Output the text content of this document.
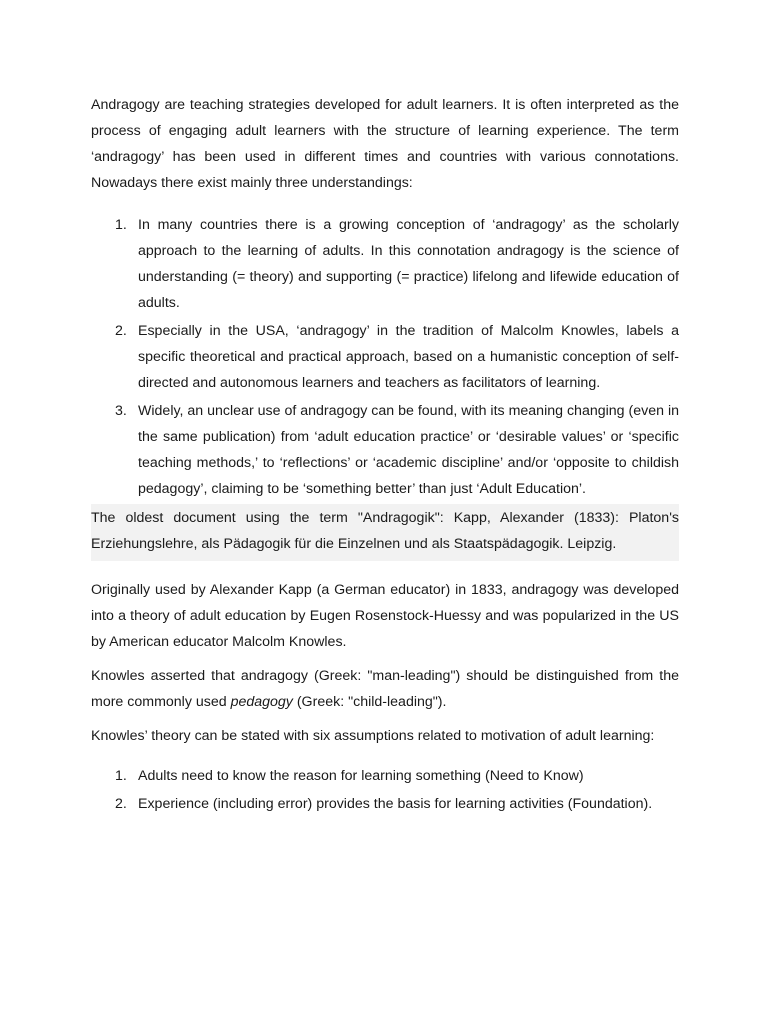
Andragogy are teaching strategies developed for adult learners. It is often interpreted as the process of engaging adult learners with the structure of learning experience. The term ‘andragogy’ has been used in different times and countries with various connotations. Nowadays there exist mainly three understandings:

1. In many countries there is a growing conception of ‘andragogy’ as the scholarly approach to the learning of adults. In this connotation andragogy is the science of understanding (= theory) and supporting (= practice) lifelong and lifewide education of adults.
2. Especially in the USA, ‘andragogy’ in the tradition of Malcolm Knowles, labels a specific theoretical and practical approach, based on a humanistic conception of self-directed and autonomous learners and teachers as facilitators of learning.
3. Widely, an unclear use of andragogy can be found, with its meaning changing (even in the same publication) from ‘adult education practice’ or ‘desirable values’ or ‘specific teaching methods,’ to ‘reflections’ or ‘academic discipline’ and/or ‘opposite to childish pedagogy’, claiming to be ‘something better’ than just ‘Adult Education’.

The oldest document using the term "Andragogik": Kapp, Alexander (1833): Platon's Erziehungslehre, als Pädagogik für die Einzelnen und als Staatspädagogik. Leipzig.

Originally used by Alexander Kapp (a German educator) in 1833, andragogy was developed into a theory of adult education by Eugen Rosenstock-Huessy and was popularized in the US by American educator Malcolm Knowles.

Knowles asserted that andragogy (Greek: "man-leading") should be distinguished from the more commonly used pedagogy (Greek: "child-leading").

Knowles’ theory can be stated with six assumptions related to motivation of adult learning:

1. Adults need to know the reason for learning something (Need to Know)
2. Experience (including error) provides the basis for learning activities (Foundation).
